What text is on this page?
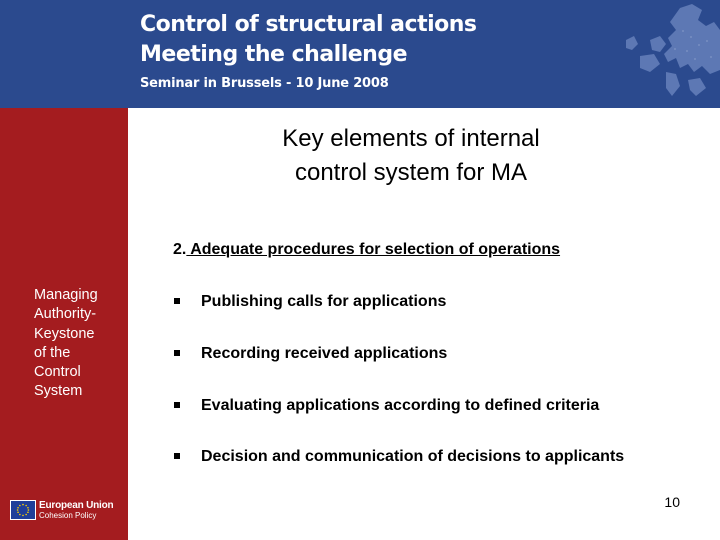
Control of structural actions
Meeting the challenge
Seminar in Brussels - 10 June 2008
Managing
Authority-
Keystone
of the
Control
System
European Union
Cohesion Policy
Key elements of internal
control system for MA
2. Adequate procedures for selection of operations
Publishing calls for applications
Recording received applications
Evaluating applications according to defined criteria
Decision and communication of decisions to applicants
10
